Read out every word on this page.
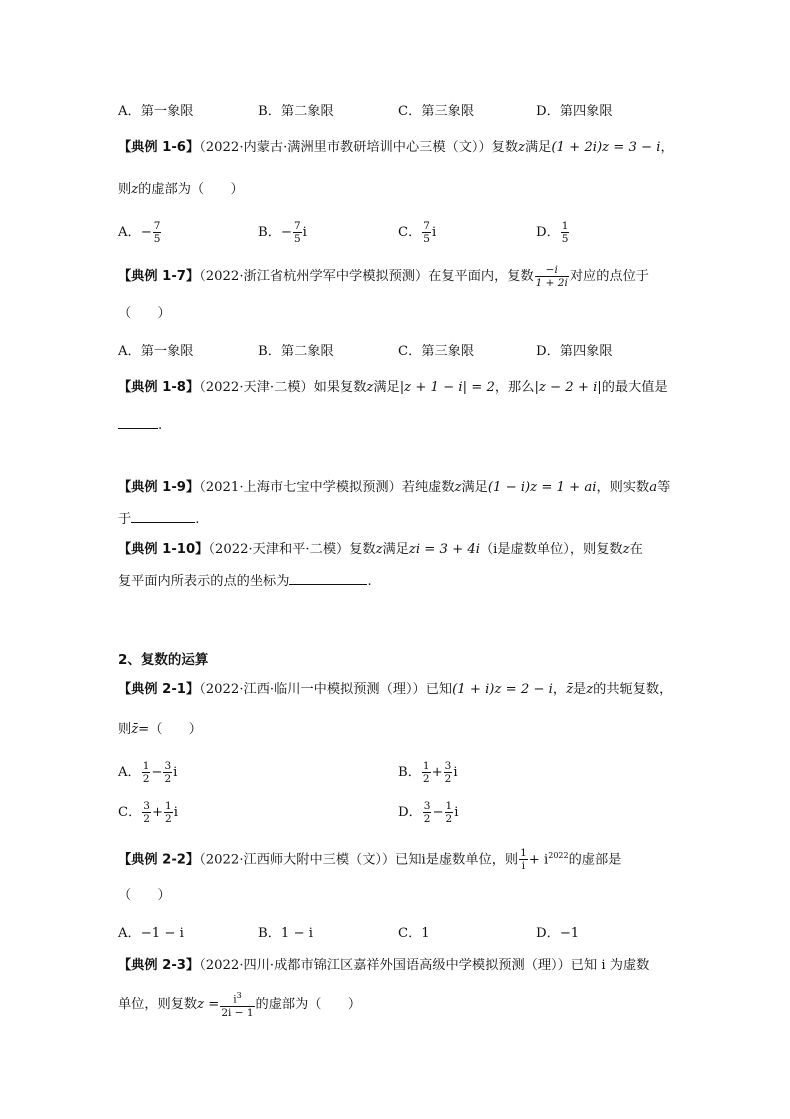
A．第一象限	B．第二象限	C．第三象限	D．第四象限
【典例 1-6】（2022·内蒙古·满洲里市教研培训中心三模（文））复数z满足(1 + 2i)z = 3 − i，
则z的虚部为（　　）
A．− $\frac{7}{5}$	B．− $\frac{7}{5}$ i	C． $\frac{7}{5}$ i	D． $\frac{1}{5}$
【典例 1-7】（2022·浙江省杭州学军中学模拟预测）在复平面内，复数 $\frac{-i}{1 + 2i}$ 对应的点位于
（　　）
A．第一象限	B．第二象限	C．第三象限	D．第四象限
【典例 1-8】（2022·天津·二模）如果复数z满足|z + 1 − i| = 2，那么|z − 2 + i|的最大值是
.
【典例 1-9】（2021·上海市七宝中学模拟预测）若纯虚数z满足(1 − i)z = 1 + ai，则实数a等
于	.
【典例 1-10】（2022·天津和平·二模）复数z满足zi = 3 + 4i（i是虚数单位），则复数z在
复平面内所表示的点的坐标为	.
2、复数的运算
【典例 2-1】（2022·江西·临川一中模拟预测（理））已知(1 + i)z = 2 − i，z̄是z的共轭复数，
则z̄=（　　）
A． $\frac{1}{2} - \frac{3}{2}$ i	B． $\frac{1}{2} + \frac{3}{2}$ i
C． $\frac{3}{2} + \frac{1}{2}$ i	D． $\frac{3}{2} - \frac{1}{2}$ i
【典例 2-2】（2022·江西师大附中三模（文））已知i是虚数单位，则 $\frac{1}{i} + i^{2022}$的虚部是
（　　）
A．−1 − i	B．1 − i	C．1	D．−1
【典例 2-3】（2022·四川·成都市锦江区嘉祥外国语高级中学模拟预测（理））已知 i 为虚数
单位，则复数$z = \frac{i^3}{2i - 1}$ 的虚部为（　　）
